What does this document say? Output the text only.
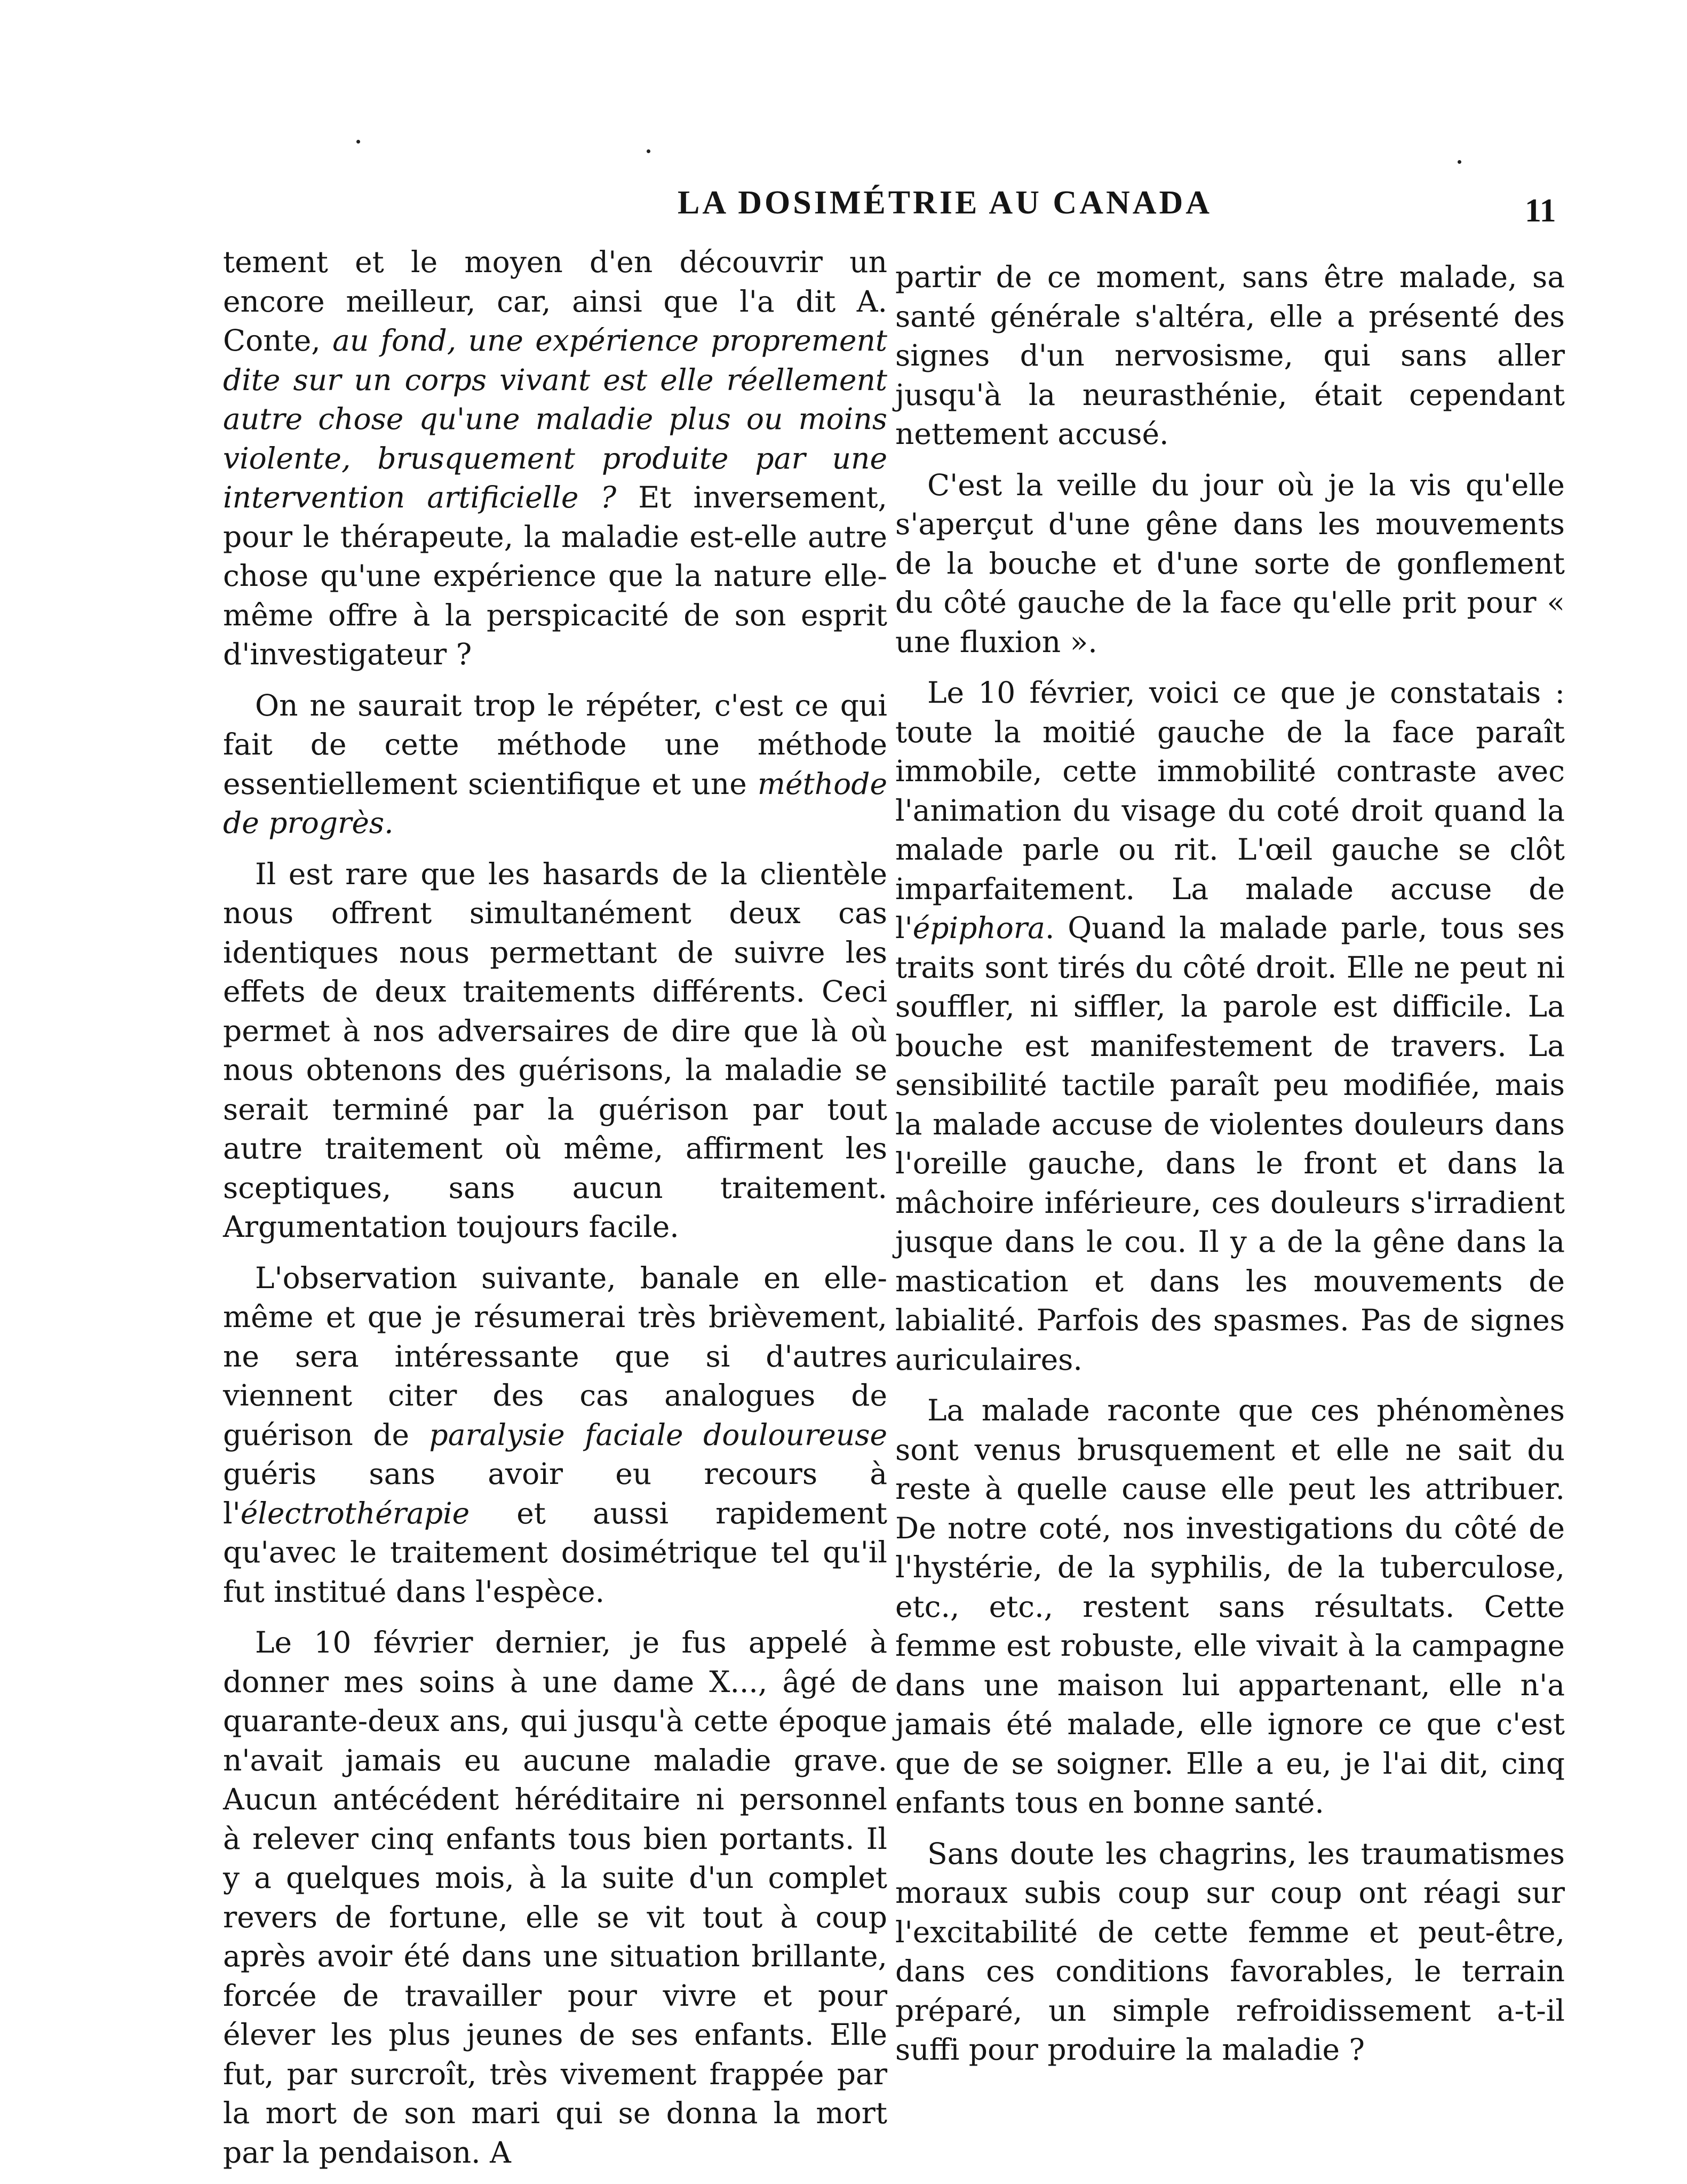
LA DOSIMÉTRIE AU CANADA	11

tement et le moyen d'en découvrir un encore meilleur, car, ainsi que l'a dit A. Conte, au fond, une expérience proprement dite sur un corps vivant est elle réellement autre chose qu'une maladie plus ou moins violente, brusquement produite par une intervention artificielle ? Et inversement, pour le thérapeute, la maladie est-elle autre chose qu'une expérience que la nature elle-même offre à la perspicacité de son esprit d'investigateur ?

On ne saurait trop le répéter, c'est ce qui fait de cette méthode une méthode essentiellement scientifique et une méthode de progrès.

Il est rare que les hasards de la clientèle nous offrent simultanément deux cas identiques nous permettant de suivre les effets de deux traitements différents. Ceci permet à nos adversaires de dire que là où nous obtenons des guérisons, la maladie se serait terminé par la guérison par tout autre traitement où même, affirment les sceptiques, sans aucun traitement. Argumentation toujours facile.

L'observation suivante, banale en elle-même et que je résumerai très brièvement, ne sera intéressante que si d'autres viennent citer des cas analogues de guérison de paralysie faciale douloureuse guéris sans avoir eu recours à l'électrothérapie et aussi rapidement qu'avec le traitement dosimétrique tel qu'il fut institué dans l'espèce.

Le 10 février dernier, je fus appelé à donner mes soins à une dame X..., âgé de quarante-deux ans, qui jusqu'à cette époque n'avait jamais eu aucune maladie grave. Aucun antécédent héréditaire ni personnel à relever cinq enfants tous bien portants. Il y a quelques mois, à la suite d'un complet revers de fortune, elle se vit tout à coup après avoir été dans une situation brillante, forcée de travailler pour vivre et pour élever les plus jeunes de ses enfants. Elle fut, par surcroît, très vivement frappée par la mort de son mari qui se donna la mort par la pendaison. A

partir de ce moment, sans être malade, sa santé générale s'altéra, elle a présenté des signes d'un nervosisme, qui sans aller jusqu'à la neurasthénie, était cependant nettement accusé.

C'est la veille du jour où je la vis qu'elle s'aperçut d'une gêne dans les mouvements de la bouche et d'une sorte de gonflement du côté gauche de la face qu'elle prit pour « une fluxion ».

Le 10 février, voici ce que je constatais : toute la moitié gauche de la face paraît immobile, cette immobilité contraste avec l'animation du visage du coté droit quand la malade parle ou rit. L'œil gauche se clôt imparfaitement. La malade accuse de l'épiphora. Quand la malade parle, tous ses traits sont tirés du côté droit. Elle ne peut ni souffler, ni siffler, la parole est difficile. La bouche est manifestement de travers. La sensibilité tactile paraît peu modifiée, mais la malade accuse de violentes douleurs dans l'oreille gauche, dans le front et dans la mâchoire inférieure, ces douleurs s'irradient jusque dans le cou. Il y a de la gêne dans la mastication et dans les mouvements de labialité. Parfois des spasmes. Pas de signes auriculaires.

La malade raconte que ces phénomènes sont venus brusquement et elle ne sait du reste à quelle cause elle peut les attribuer. De notre coté, nos investigations du côté de l'hystérie, de la syphilis, de la tuberculose, etc., etc., restent sans résultats. Cette femme est robuste, elle vivait à la campagne dans une maison lui appartenant, elle n'a jamais été malade, elle ignore ce que c'est que de se soigner. Elle a eu, je l'ai dit, cinq enfants tous en bonne santé.

Sans doute les chagrins, les traumatismes moraux subis coup sur coup ont réagi sur l'excitabilité de cette femme et peut-être, dans ces conditions favorables, le terrain préparé, un simple refroidissement a-t-il suffi pour produire la maladie ?
